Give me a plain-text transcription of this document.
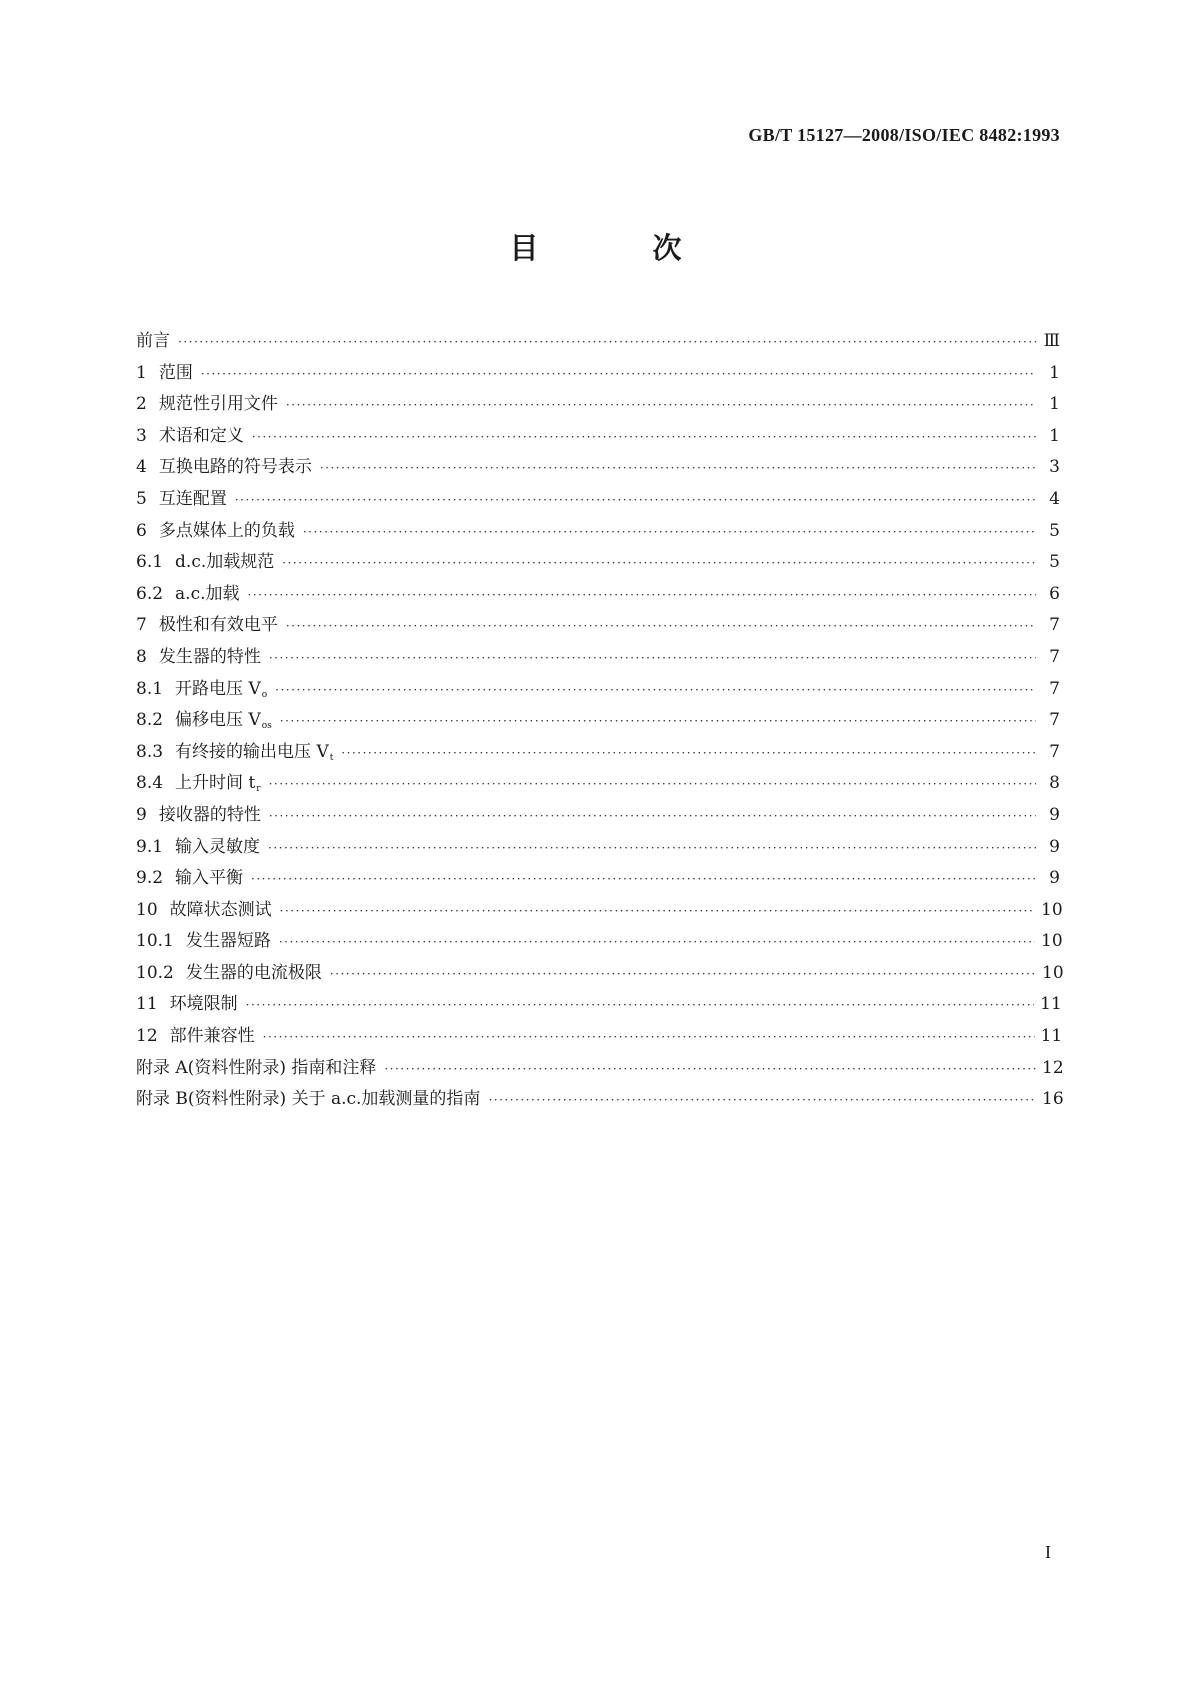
GB/T 15127—2008/ISO/IEC 8482:1993
目 次
前言 ·····	Ⅲ
1 范围 ·····	1
2 规范性引用文件 ·····	1
3 术语和定义 ·····	1
4 互换电路的符号表示 ·····	3
5 互连配置 ·····	4
6 多点媒体上的负载 ·····	5
6.1 d.c.加载规范 ·····	5
6.2 a.c.加载 ·····	6
7 极性和有效电平 ·····	7
8 发生器的特性 ·····	7
8.1 开路电压 $V_o$ ·····	7
8.2 偏移电压 $V_{os}$ ·····	7
8.3 有终接的输出电压 $V_t$ ·····	7
8.4 上升时间 $t_r$ ·····	8
9 接收器的特性 ·····	9
9.1 输入灵敏度 ·····	9
9.2 输入平衡 ·····	9
10 故障状态测试 ·····	10
10.1 发生器短路 ·····	10
10.2 发生器的电流极限 ·····	10
11 环境限制 ·····	11
12 部件兼容性 ·····	11
附录 A(资料性附录) 指南和注释 ·····	12
附录 B(资料性附录) 关于 a.c.加载测量的指南 ·····	16
I
